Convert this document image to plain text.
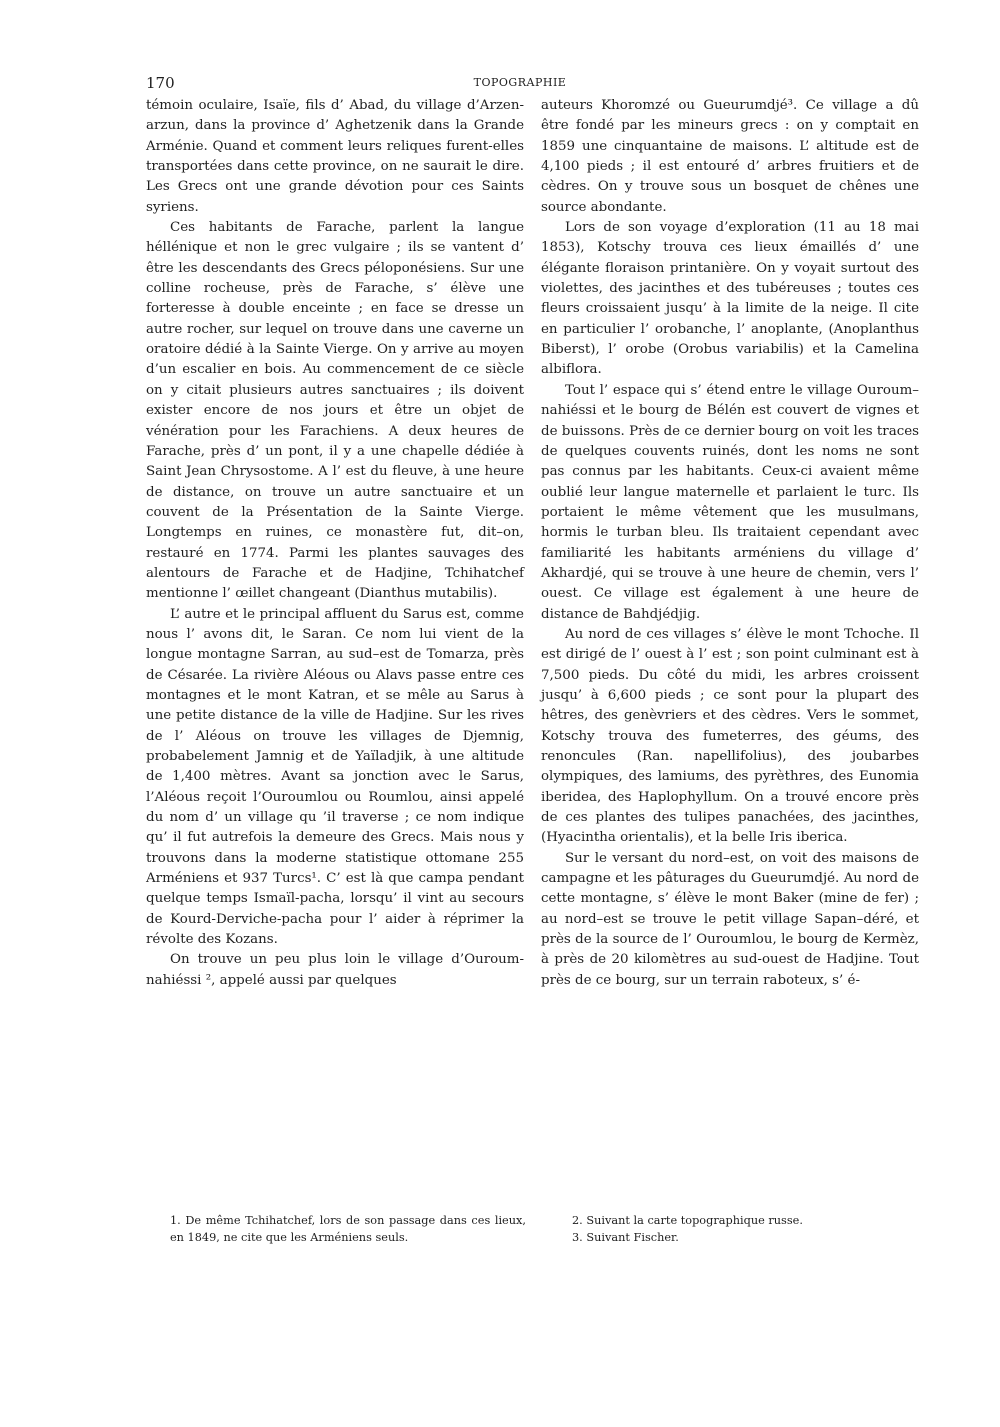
170	TOPOGRAPHIE

témoin oculaire, Isaïe, fils d’ Abad, du village d’Arzen-arzun, dans la province d’ Aghetzenik dans la Grande Arménie. Quand et comment leurs reliques furent-elles transportées dans cette province, on ne saurait le dire. Les Grecs ont une grande dévotion pour ces Saints syriens.

Ces habitants de Farache, parlent la langue héllénique et non le grec vulgaire ; ils se vantent d’ être les descendants des Grecs péloponésiens. Sur une colline rocheuse, près de Farache, s’ élève une forteresse à double enceinte ; en face se dresse un autre rocher, sur lequel on trouve dans une caverne un oratoire dédié à la Sainte Vierge. On y arrive au moyen d’un escalier en bois. Au commencement de ce siècle on y citait plusieurs autres sanctuaires ; ils doivent exister encore de nos jours et être un objet de vénération pour les Farachiens. A deux heures de Farache, près d’ un pont, il y a une chapelle dédiée à Saint Jean Chrysostome. A l’ est du fleuve, à une heure de distance, on trouve un autre sanctuaire et un couvent de la Présentation de la Sainte Vierge. Longtemps en ruines, ce monastère fut, dit–on, restauré en 1774. Parmi les plantes sauvages des alentours de Farache et de Hadjine, Tchihatchef mentionne l’ œillet changeant (Dianthus mutabilis).

L’ autre et le principal affluent du Sarus est, comme nous l’ avons dit, le Saran. Ce nom lui vient de la longue montagne Sarran, au sud–est de Tomarza, près de Césarée. La rivière Aléous ou Alavs passe entre ces montagnes et le mont Katran, et se mêle au Sarus à une petite distance de la ville de Hadjine. Sur les rives de l’ Aléous on trouve les villages de Djemnig, probabelement Jamnig et de Yaïladjik, à une altitude de 1,400 mètres. Avant sa jonction avec le Sarus, l’Aléous reçoit l’Ouroumlou ou Roumlou, ainsi appelé du nom d’ un village qu ’il traverse ; ce nom indique qu’ il fut autrefois la demeure des Grecs. Mais nous y trouvons dans la moderne statistique ottomane 255 Arméniens et 937 Turcs¹. C’ est là que campa pendant quelque temps Ismaïl-pacha, lorsqu’ il vint au secours de Kourd-Derviche-pacha pour l’ aider à réprimer la révolte des Kozans.

On trouve un peu plus loin le village d’Ouroum-nahiéssi ², appelé aussi par quelques

auteurs Khoromzé ou Gueurumdjé³. Ce village a dû être fondé par les mineurs grecs : on y comptait en 1859 une cinquantaine de maisons. L’ altitude est de 4,100 pieds ; il est entouré d’ arbres fruitiers et de cèdres. On y trouve sous un bosquet de chênes une source abondante.

Lors de son voyage d’exploration (11 au 18 mai 1853), Kotschy trouva ces lieux émaillés d’ une élégante floraison printanière. On y voyait surtout des violettes, des jacinthes et des tubéreuses ; toutes ces fleurs croissaient jusqu’ à la limite de la neige. Il cite en particulier l’ orobanche, l’ anoplante, (Anoplanthus Biberst), l’ orobe (Orobus variabilis) et la Camelina albiflora.

Tout l’ espace qui s’ étend entre le village Ouroum–nahiéssi et le bourg de Bélén est couvert de vignes et de buissons. Près de ce dernier bourg on voit les traces de quelques couvents ruinés, dont les noms ne sont pas connus par les habitants. Ceux-ci avaient même oublié leur langue maternelle et parlaient le turc. Ils portaient le même vêtement que les musulmans, hormis le turban bleu. Ils traitaient cependant avec familiarité les habitants arméniens du village d’ Akhardjé, qui se trouve à une heure de chemin, vers l’ ouest. Ce village est également à une heure de distance de Bahdjédjig.

Au nord de ces villages s’ élève le mont Tchoche. Il est dirigé de l’ ouest à l’ est ; son point culminant est à 7,500 pieds. Du côté du midi, les arbres croissent jusqu’ à 6,600 pieds ; ce sont pour la plupart des hêtres, des genèvriers et des cèdres. Vers le sommet, Kotschy trouva des fumeterres, des géums, des renoncules (Ran. napellifolius), des joubarbes olympiques, des lamiums, des pyrèthres, des Eunomia iberidea, des Haplophyllum. On a trouvé encore près de ces plantes des tulipes panachées, des jacinthes, (Hyacintha orientalis), et la belle Iris iberica.

Sur le versant du nord–est, on voit des maisons de campagne et les pâturages du Gueurumdjé. Au nord de cette montagne, s’ élève le mont Baker (mine de fer) ; au nord–est se trouve le petit village Sapan–déré, et près de la source de l’ Ouroumlou, le bourg de Kermèz, à près de 20 kilomètres au sud-ouest de Hadjine. Tout près de ce bourg, sur un terrain raboteux, s’ é-

1. De même Tchihatchef, lors de son passage dans ces lieux, en 1849, ne cite que les Arméniens seuls.

2. Suivant la carte topographique russe.

3. Suivant Fischer.
